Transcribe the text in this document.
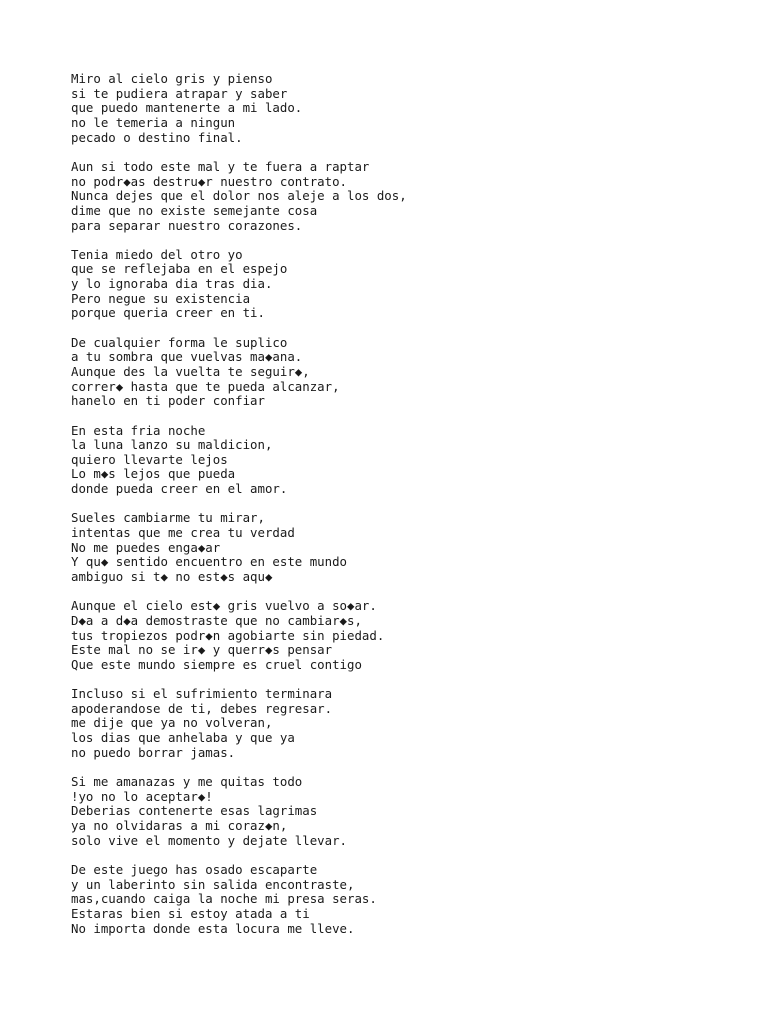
Miro al cielo gris y pienso
si te pudiera atrapar y saber
que puedo mantenerte a mi lado.
no le temeria a ningun
pecado o destino final.
Aun si todo este mal y te fuera a raptar
no podr◆as destru◆r nuestro contrato.
Nunca dejes que el dolor nos aleje a los dos,
dime que no existe semejante cosa
para separar nuestro corazones.
Tenia miedo del otro yo
que se reflejaba en el espejo
y lo ignoraba dia tras dia.
Pero negue su existencia
porque queria creer en ti.
De cualquier forma le suplico
a tu sombra que vuelvas ma◆ana.
Aunque des la vuelta te seguir◆,
correr◆ hasta que te pueda alcanzar,
hanelo en ti poder confiar
En esta fria noche
la luna lanzo su maldicion,
quiero llevarte lejos
Lo m◆s lejos que pueda
donde pueda creer en el amor.
Sueles cambiarme tu mirar,
intentas que me crea tu verdad
No me puedes enga◆ar
Y qu◆ sentido encuentro en este mundo
ambiguo si t◆ no est◆s aqu◆
Aunque el cielo est◆ gris vuelvo a so◆ar.
D◆a a d◆a demostraste que no cambiar◆s,
tus tropiezos podr◆n agobiarte sin piedad.
Este mal no se ir◆ y querr◆s pensar
Que este mundo siempre es cruel contigo
Incluso si el sufrimiento terminara
apoderandose de ti, debes regresar.
me dije que ya no volveran,
los dias que anhelaba y que ya
no puedo borrar jamas.
Si me amanazas y me quitas todo
!yo no lo aceptar◆!
Deberias contenerte esas lagrimas
ya no olvidaras a mi coraz◆n,
solo vive el momento y dejate llevar.
De este juego has osado escaparte
y un laberinto sin salida encontraste,
mas,cuando caiga la noche mi presa seras.
Estaras bien si estoy atada a ti
No importa donde esta locura me lleve.
